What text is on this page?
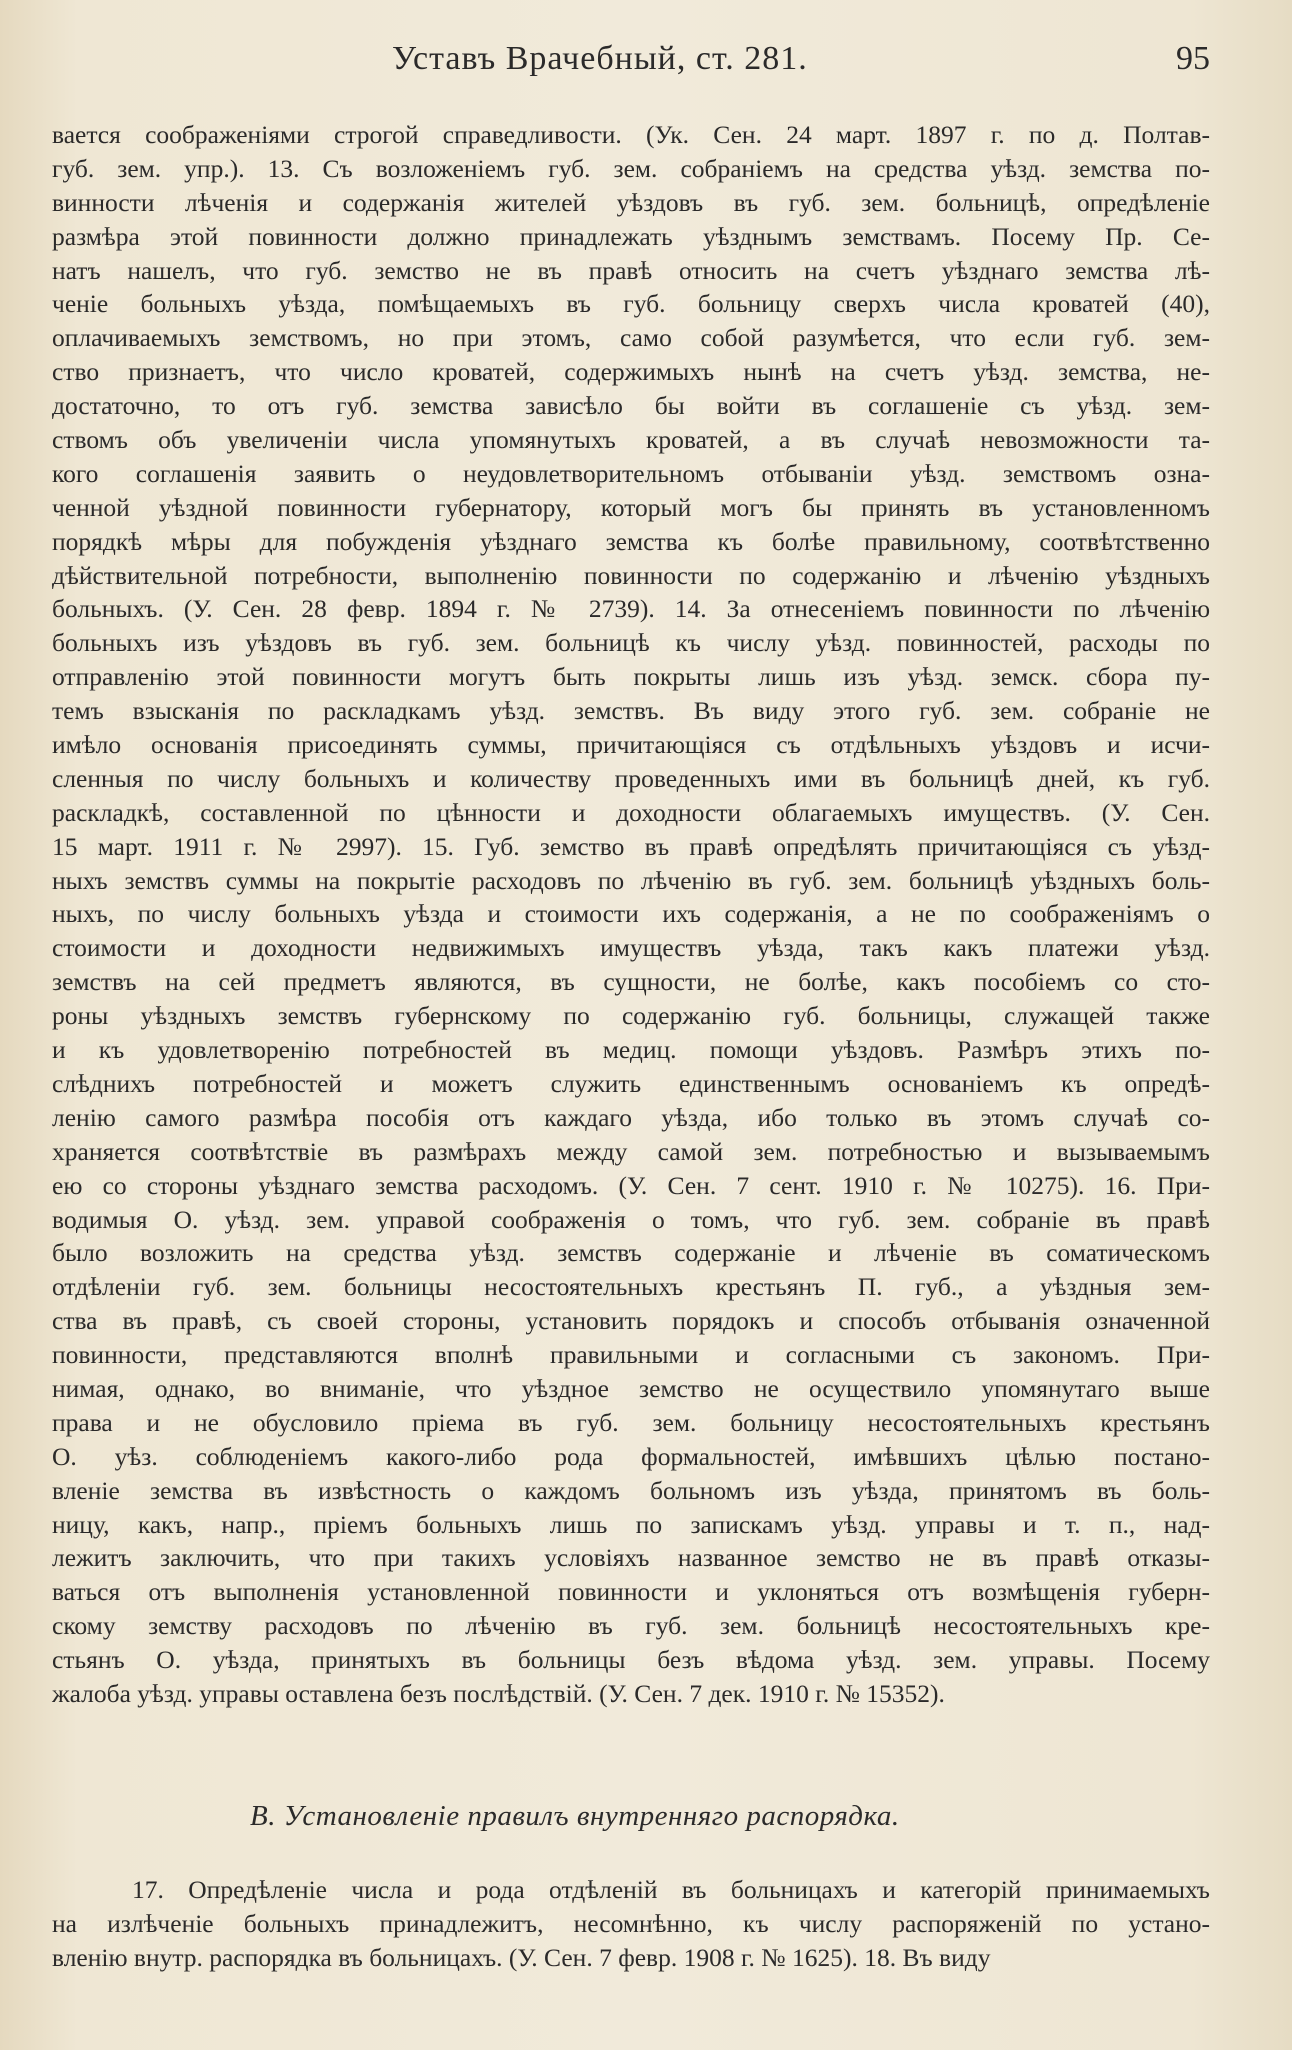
Уставъ Врачебный, ст. 281.	95
вается соображеніями строгой справедливости. (Ук. Сен. 24 март. 1897 г. по д. Полтав-
губ. зем. упр.). 13. Съ возложеніемъ губ. зем. собраніемъ на средства уѣзд. земства по-
винности лѣченія и содержанія жителей уѣздовъ въ губ. зем. больницѣ, опредѣленіе
размѣра этой повинности должно принадлежать уѣзднымъ земствамъ. Посему Пр. Се-
натъ нашелъ, что губ. земство не въ правѣ относить на счетъ уѣзднаго земства лѣ-
ченіе больныхъ уѣзда, помѣщаемыхъ въ губ. больницу сверхъ числа кроватей (40),
оплачиваемыхъ земствомъ, но при этомъ, само собой разумѣется, что если губ. зем-
ство признаетъ, что число кроватей, содержимыхъ нынѣ на счетъ уѣзд. земства, не-
достаточно, то отъ губ. земства зависѣло бы войти въ соглашеніе съ уѣзд. зем-
ствомъ объ увеличеніи числа упомянутыхъ кроватей, а въ случаѣ невозможности та-
кого соглашенія заявить о неудовлетворительномъ отбываніи уѣзд. земствомъ озна-
ченной уѣздной повинности губернатору, который могъ бы принять въ установленномъ
порядкѣ мѣры для побужденія уѣзднаго земства къ болѣе правильному, соотвѣтственно
дѣйствительной потребности, выполненію повинности по содержанію и лѣченію уѣздныхъ
больныхъ. (У. Сен. 28 февр. 1894 г. № 2739). 14. За отнесеніемъ повинности по лѣченію
больныхъ изъ уѣздовъ въ губ. зем. больницѣ къ числу уѣзд. повинностей, расходы по
отправленію этой повинности могутъ быть покрыты лишь изъ уѣзд. земск. сбора пу-
темъ взысканія по раскладкамъ уѣзд. земствъ. Въ виду этого губ. зем. собраніе не
имѣло основанія присоединять суммы, причитающіяся съ отдѣльныхъ уѣздовъ и исчи-
сленныя по числу больныхъ и количеству проведенныхъ ими въ больницѣ дней, къ губ.
раскладкѣ, составленной по цѣнности и доходности облагаемыхъ имуществъ. (У. Сен.
15 март. 1911 г. № 2997). 15. Губ. земство въ правѣ опредѣлять причитающіяся съ уѣзд-
ныхъ земствъ суммы на покрытіе расходовъ по лѣченію въ губ. зем. больницѣ уѣздныхъ боль-
ныхъ, по числу больныхъ уѣзда и стоимости ихъ содержанія, а не по соображеніямъ о
стоимости и доходности недвижимыхъ имуществъ уѣзда, такъ какъ платежи уѣзд.
земствъ на сей предметъ являются, въ сущности, не болѣе, какъ пособіемъ со сто-
роны уѣздныхъ земствъ губернскому по содержанію губ. больницы, служащей также
и къ удовлетворенію потребностей въ медиц. помощи уѣздовъ. Размѣръ этихъ по-
слѣднихъ потребностей и можетъ служить единственнымъ основаніемъ къ опредѣ-
ленію самого размѣра пособія отъ каждаго уѣзда, ибо только въ этомъ случаѣ со-
храняется соотвѣтствіе въ размѣрахъ между самой зем. потребностью и вызываемымъ
ею со стороны уѣзднаго земства расходомъ. (У. Сен. 7 сент. 1910 г. № 10275). 16. При-
водимыя О. уѣзд. зем. управой соображенія о томъ, что губ. зем. собраніе въ правѣ
было возложить на средства уѣзд. земствъ содержаніе и лѣченіе въ соматическомъ
отдѣленіи губ. зем. больницы несостоятельныхъ крестьянъ П. губ., а уѣздныя зем-
ства въ правѣ, съ своей стороны, установить порядокъ и способъ отбыванія означенной
повинности, представляются вполнѣ правильными и согласными съ закономъ. При-
нимая, однако, во вниманіе, что уѣздное земство не осуществило упомянутаго выше
права и не обусловило пріема въ губ. зем. больницу несостоятельныхъ крестьянъ
О. уѣз. соблюденіемъ какого-либо рода формальностей, имѣвшихъ цѣлью постано-
вленіе земства въ извѣстность о каждомъ больномъ изъ уѣзда, принятомъ въ боль-
ницу, какъ, напр., пріемъ больныхъ лишь по запискамъ уѣзд. управы и т. п., над-
лежитъ заключить, что при такихъ условіяхъ названное земство не въ правѣ отказы-
ваться отъ выполненія установленной повинности и уклоняться отъ возмѣщенія губерн-
скому земству расходовъ по лѣченію въ губ. зем. больницѣ несостоятельныхъ кре-
стьянъ О. уѣзда, принятыхъ въ больницы безъ вѣдома уѣзд. зем. управы. Посему
жалоба уѣзд. управы оставлена безъ послѣдствій. (У. Сен. 7 дек. 1910 г. № 15352).
В. Установленіе правилъ внутренняго распорядка.
17. Опредѣленіе числа и рода отдѣленій въ больницахъ и категорій принимаемыхъ
на излѣченіе больныхъ принадлежитъ, несомнѣнно, къ числу распоряженій по устано-
вленію внутр. распорядка въ больницахъ. (У. Сен. 7 февр. 1908 г. № 1625). 18. Въ виду
